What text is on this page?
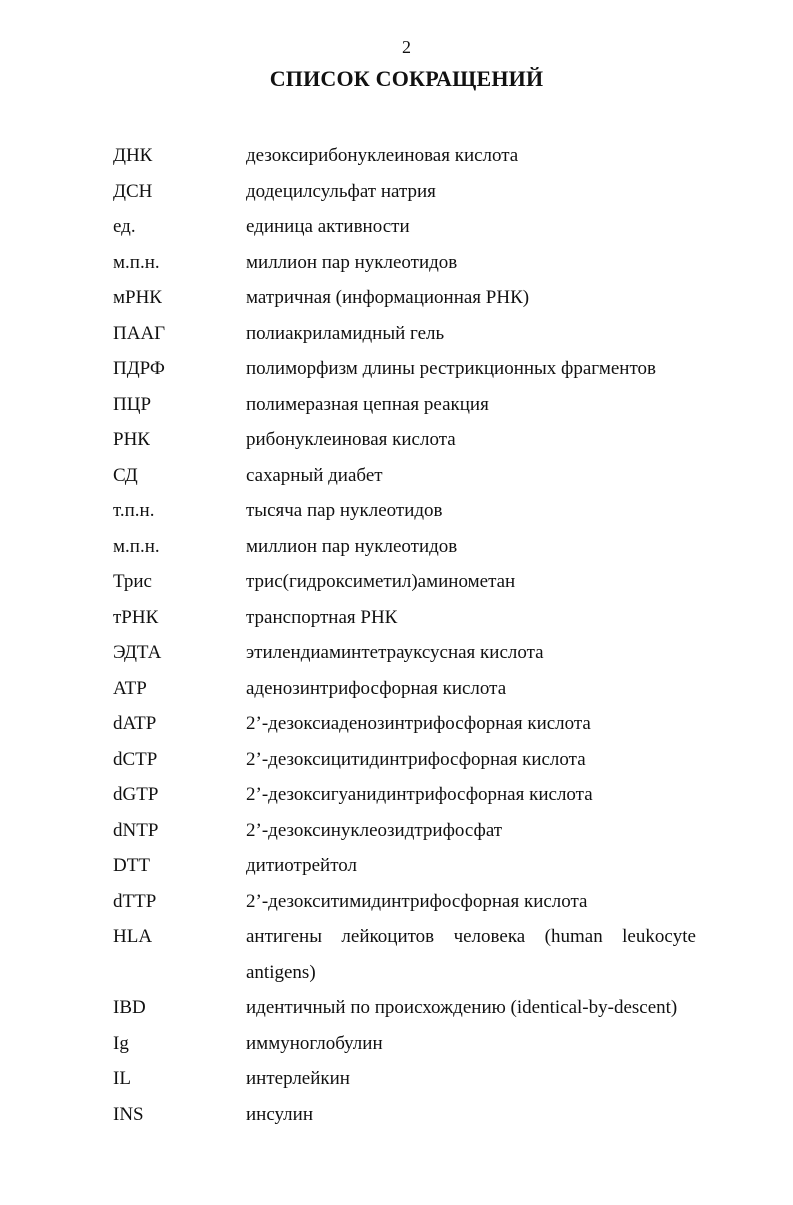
2
СПИСОК СОКРАЩЕНИЙ
ДНК	дезоксирибонуклеиновая кислота
ДСН	додецилсульфат натрия
ед.	единица активности
м.п.н.	миллион пар нуклеотидов
мРНК	матричная (информационная РНК)
ПААГ	полиакриламидный гель
ПДРФ	полиморфизм длины рестрикционных фрагментов
ПЦР	полимеразная цепная реакция
РНК	рибонуклеиновая кислота
СД	сахарный диабет
т.п.н.	тысяча пар нуклеотидов
м.п.н.	миллион пар нуклеотидов
Трис	трис(гидроксиметил)аминометан
тРНК	транспортная РНК
ЭДТА	этилендиаминтетрауксусная кислота
ATP	аденозинтрифосфорная кислота
dATP	2’-дезоксиаденозинтрифосфорная кислота
dCTP	2’-дезоксицитидинтрифосфорная кислота
dGTP	2’-дезоксигуанидинтрифосфорная кислота
dNTP	2’-дезоксинуклеозидтрифосфат
DTT	дитиотрейтол
dTTP	2’-дезокситимидинтрифосфорная кислота
HLA	антигены лейкоцитов человека (human leukocyte antigens)
IBD	идентичный по происхождению (identical-by-descent)
Ig	иммуноглобулин
IL	интерлейкин
INS	инсулин
